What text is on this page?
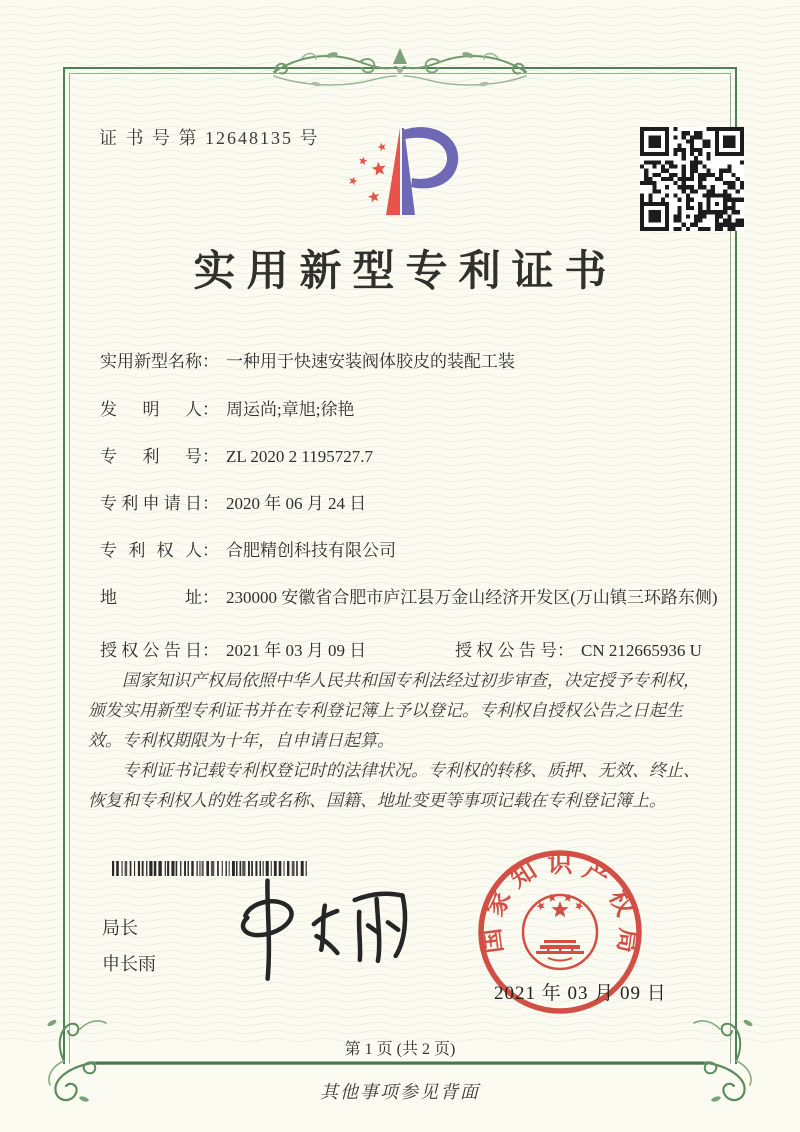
证 书 号 第 12648135 号
实用新型专利证书
实用新型名称 ： 一种用于快速安装阀体胶皮的装配工装
发明人 ： 周运尚;章旭;徐艳
专利号 ： ZL 2020 2 1195727.7
专利申请日 ： 2020 年 06 月 24 日
专利权人 ： 合肥精创科技有限公司
地址 ： 230000 安徽省合肥市庐江县万金山经济开发区(万山镇三环路东侧)
授权公告日 ： 2021 年 03 月 09 日	授权公告号 ： CN 212665936 U

国家知识产权局依照中华人民共和国专利法经过初步审查，决定授予专利权，颁发实用新型专利证书并在专利登记簿上予以登记。专利权自授权公告之日起生效。专利权期限为十年，自申请日起算。

专利证书记载专利权登记时的法律状况。专利权的转移、质押、无效、终止、恢复和专利权人的姓名或名称、国籍、地址变更等事项记载在专利登记簿上。

局长
申长雨
国家知识产权局
2021 年 03 月 09 日
第 1 页 (共 2 页)
其他事项参见背面
